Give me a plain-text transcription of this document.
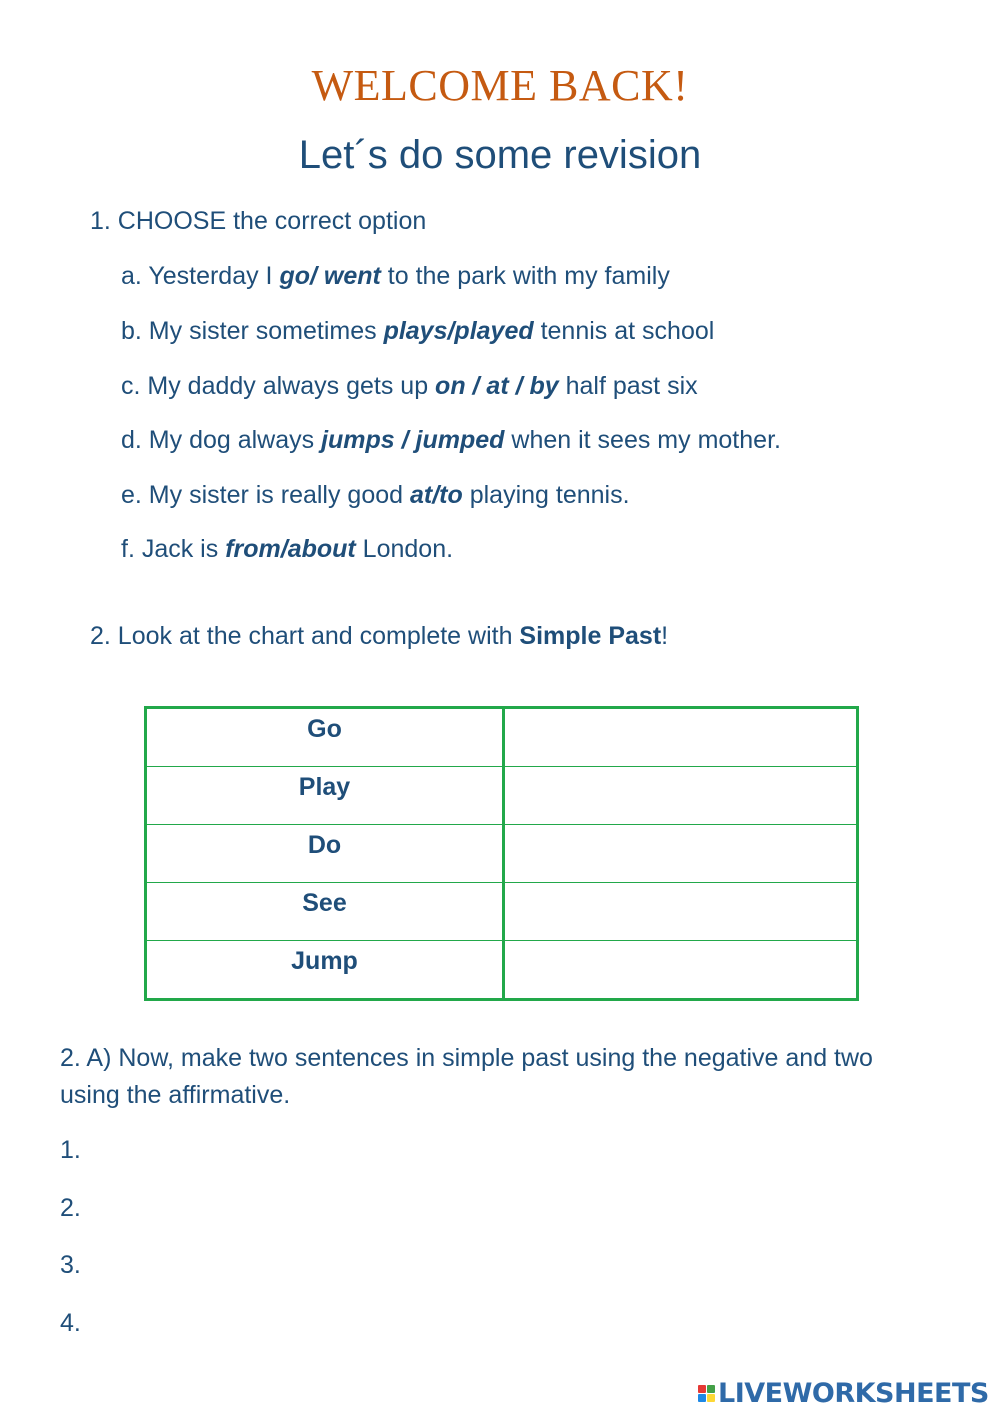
WELCOME BACK!
Let´s do some revision
1. CHOOSE the correct option
a. Yesterday I go/ went to the park with my family
b. My sister sometimes plays/played tennis at school
c. My daddy always gets up on / at / by half past six
d. My dog always jumps / jumped when it sees my mother.
e. My sister is really good at/to playing tennis.
f. Jack is from/about London.
2. Look at the chart and complete with Simple Past!
Go	
Play	
Do	
See	
Jump	
2. A) Now, make two sentences in simple past using the negative and two using the affirmative.
1.
2.
3.
4.
LIVEWORKSHEETS
